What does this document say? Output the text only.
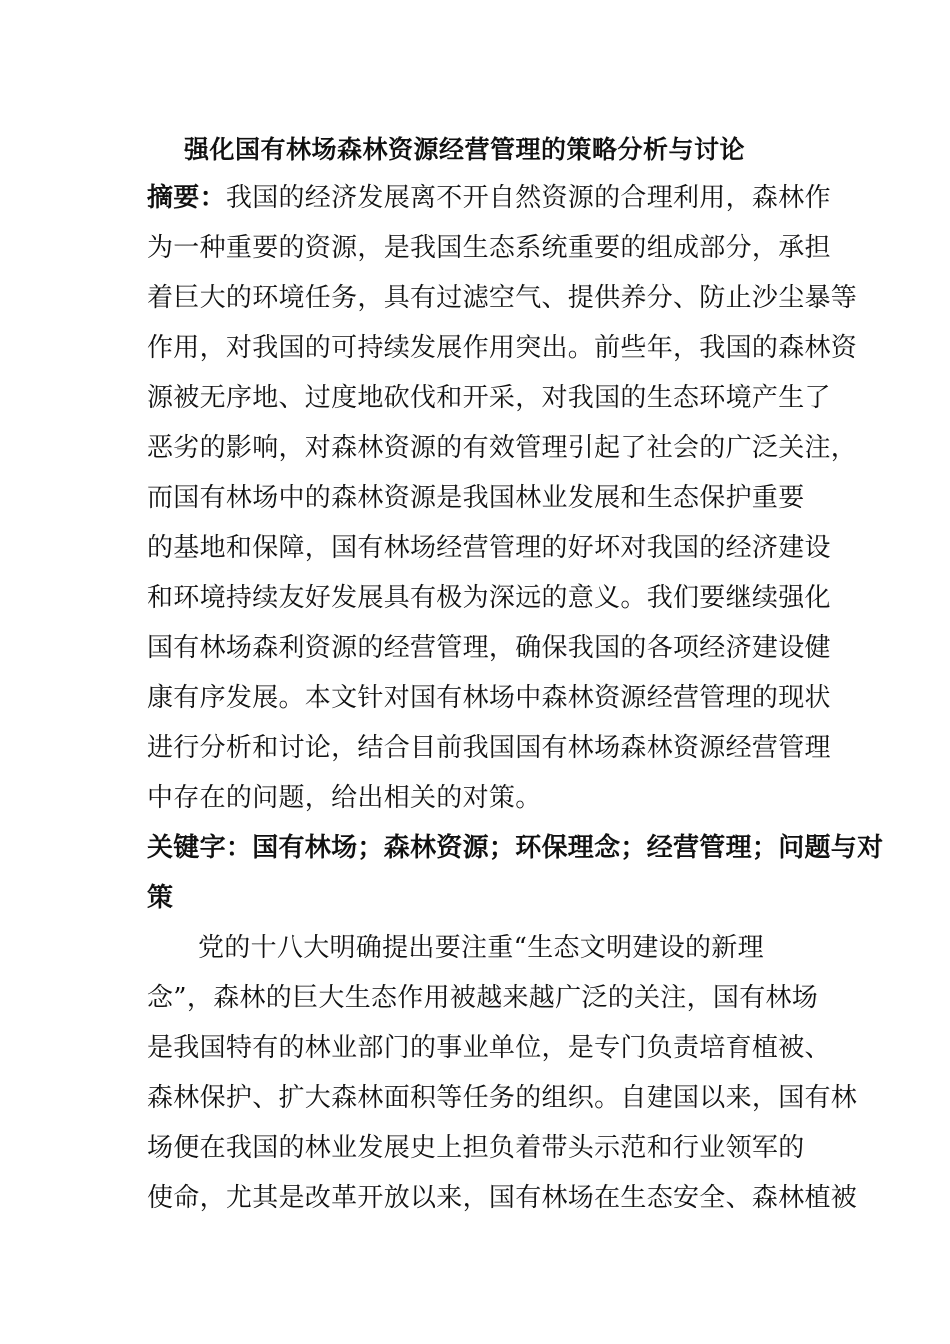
强化国有林场森林资源经营管理的策略分析与讨论

摘要：我国的经济发展离不开自然资源的合理利用，森林作

为一种重要的资源，是我国生态系统重要的组成部分，承担

着巨大的环境任务，具有过滤空气、提供养分、防止沙尘暴等

作用，对我国的可持续发展作用突出。前些年，我国的森林资

源被无序地、过度地砍伐和开采，对我国的生态环境产生了

恶劣的影响，对森林资源的有效管理引起了社会的广泛关注，

而国有林场中的森林资源是我国林业发展和生态保护重要

的基地和保障，国有林场经营管理的好坏对我国的经济建设

和环境持续友好发展具有极为深远的意义。我们要继续强化

国有林场森利资源的经营管理，确保我国的各项经济建设健

康有序发展。本文针对国有林场中森林资源经营管理的现状

进行分析和讨论，结合目前我国国有林场森林资源经营管理

中存在的问题，给出相关的对策。

关键字：国有林场；森林资源；环保理念；经营管理；问题与对

策

党的十八大明确提出要注重“生态文明建设的新理

念”，森林的巨大生态作用被越来越广泛的关注，国有林场

是我国特有的林业部门的事业单位，是专门负责培育植被、

森林保护、扩大森林面积等任务的组织。自建国以来，国有林

场便在我国的林业发展史上担负着带头示范和行业领军的

使命，尤其是改革开放以来，国有林场在生态安全、森林植被
